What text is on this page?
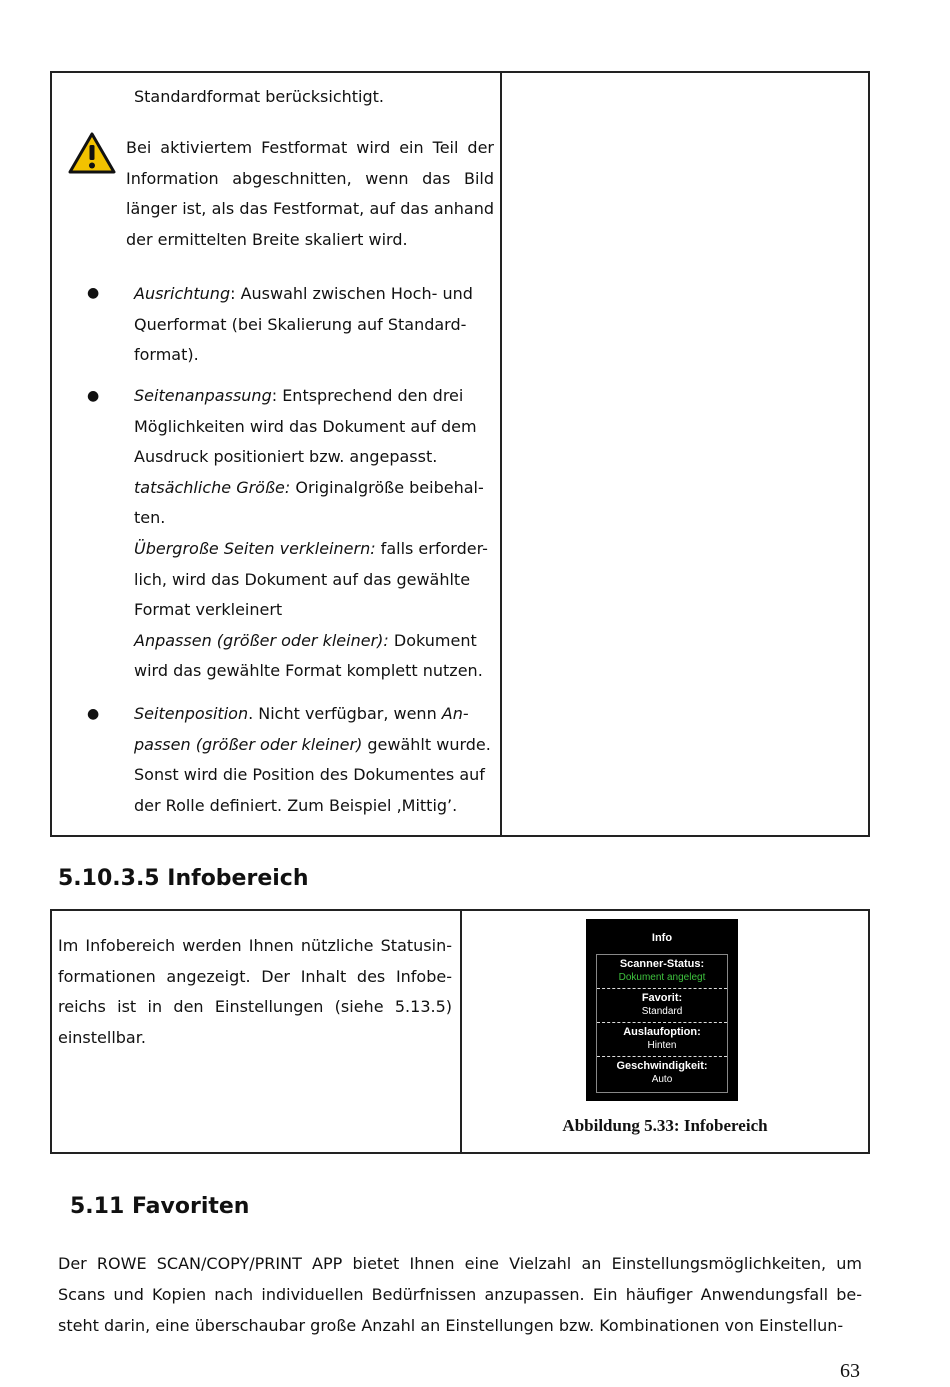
Standardformat berücksichtigt.
Bei aktiviertem Festformat wird ein Teil der Information abgeschnitten, wenn das Bild länger ist, als das Festformat, auf das anhand der ermittelten Breite skaliert wird.
● Ausrichtung: Auswahl zwischen Hoch- und Querformat (bei Skalierung auf Standard-format).
● Seitenanpassung: Entsprechend den drei Möglichkeiten wird das Dokument auf dem Ausdruck positioniert bzw. angepasst.
tatsächliche Größe: Originalgröße beibehal-ten.
Übergroße Seiten verkleinern: falls erforder-lich, wird das Dokument auf das gewählte Format verkleinert
Anpassen (größer oder kleiner): Dokument wird das gewählte Format komplett nutzen.
● Seitenposition. Nicht verfügbar, wenn An-passen (größer oder kleiner) gewählt wurde. Sonst wird die Position des Dokumentes auf der Rolle definiert. Zum Beispiel ‚Mittig’.
5.10.3.5 Infobereich
Im Infobereich werden Ihnen nützliche Statusin-formationen angezeigt. Der Inhalt des Infobe-reichs ist in den Einstellungen (siehe 5.13.5) einstellbar.
Info
Scanner-Status:
Dokument angelegt
Favorit:
Standard
Auslaufoption:
Hinten
Geschwindigkeit:
Auto
Abbildung 5.33: Infobereich
5.11 Favoriten
Der ROWE SCAN/COPY/PRINT APP bietet Ihnen eine Vielzahl an Einstellungsmöglichkeiten, um Scans und Kopien nach individuellen Bedürfnissen anzupassen. Ein häufiger Anwendungsfall be-steht darin, eine überschaubar große Anzahl an Einstellungen bzw. Kombinationen von Einstellun-
63
